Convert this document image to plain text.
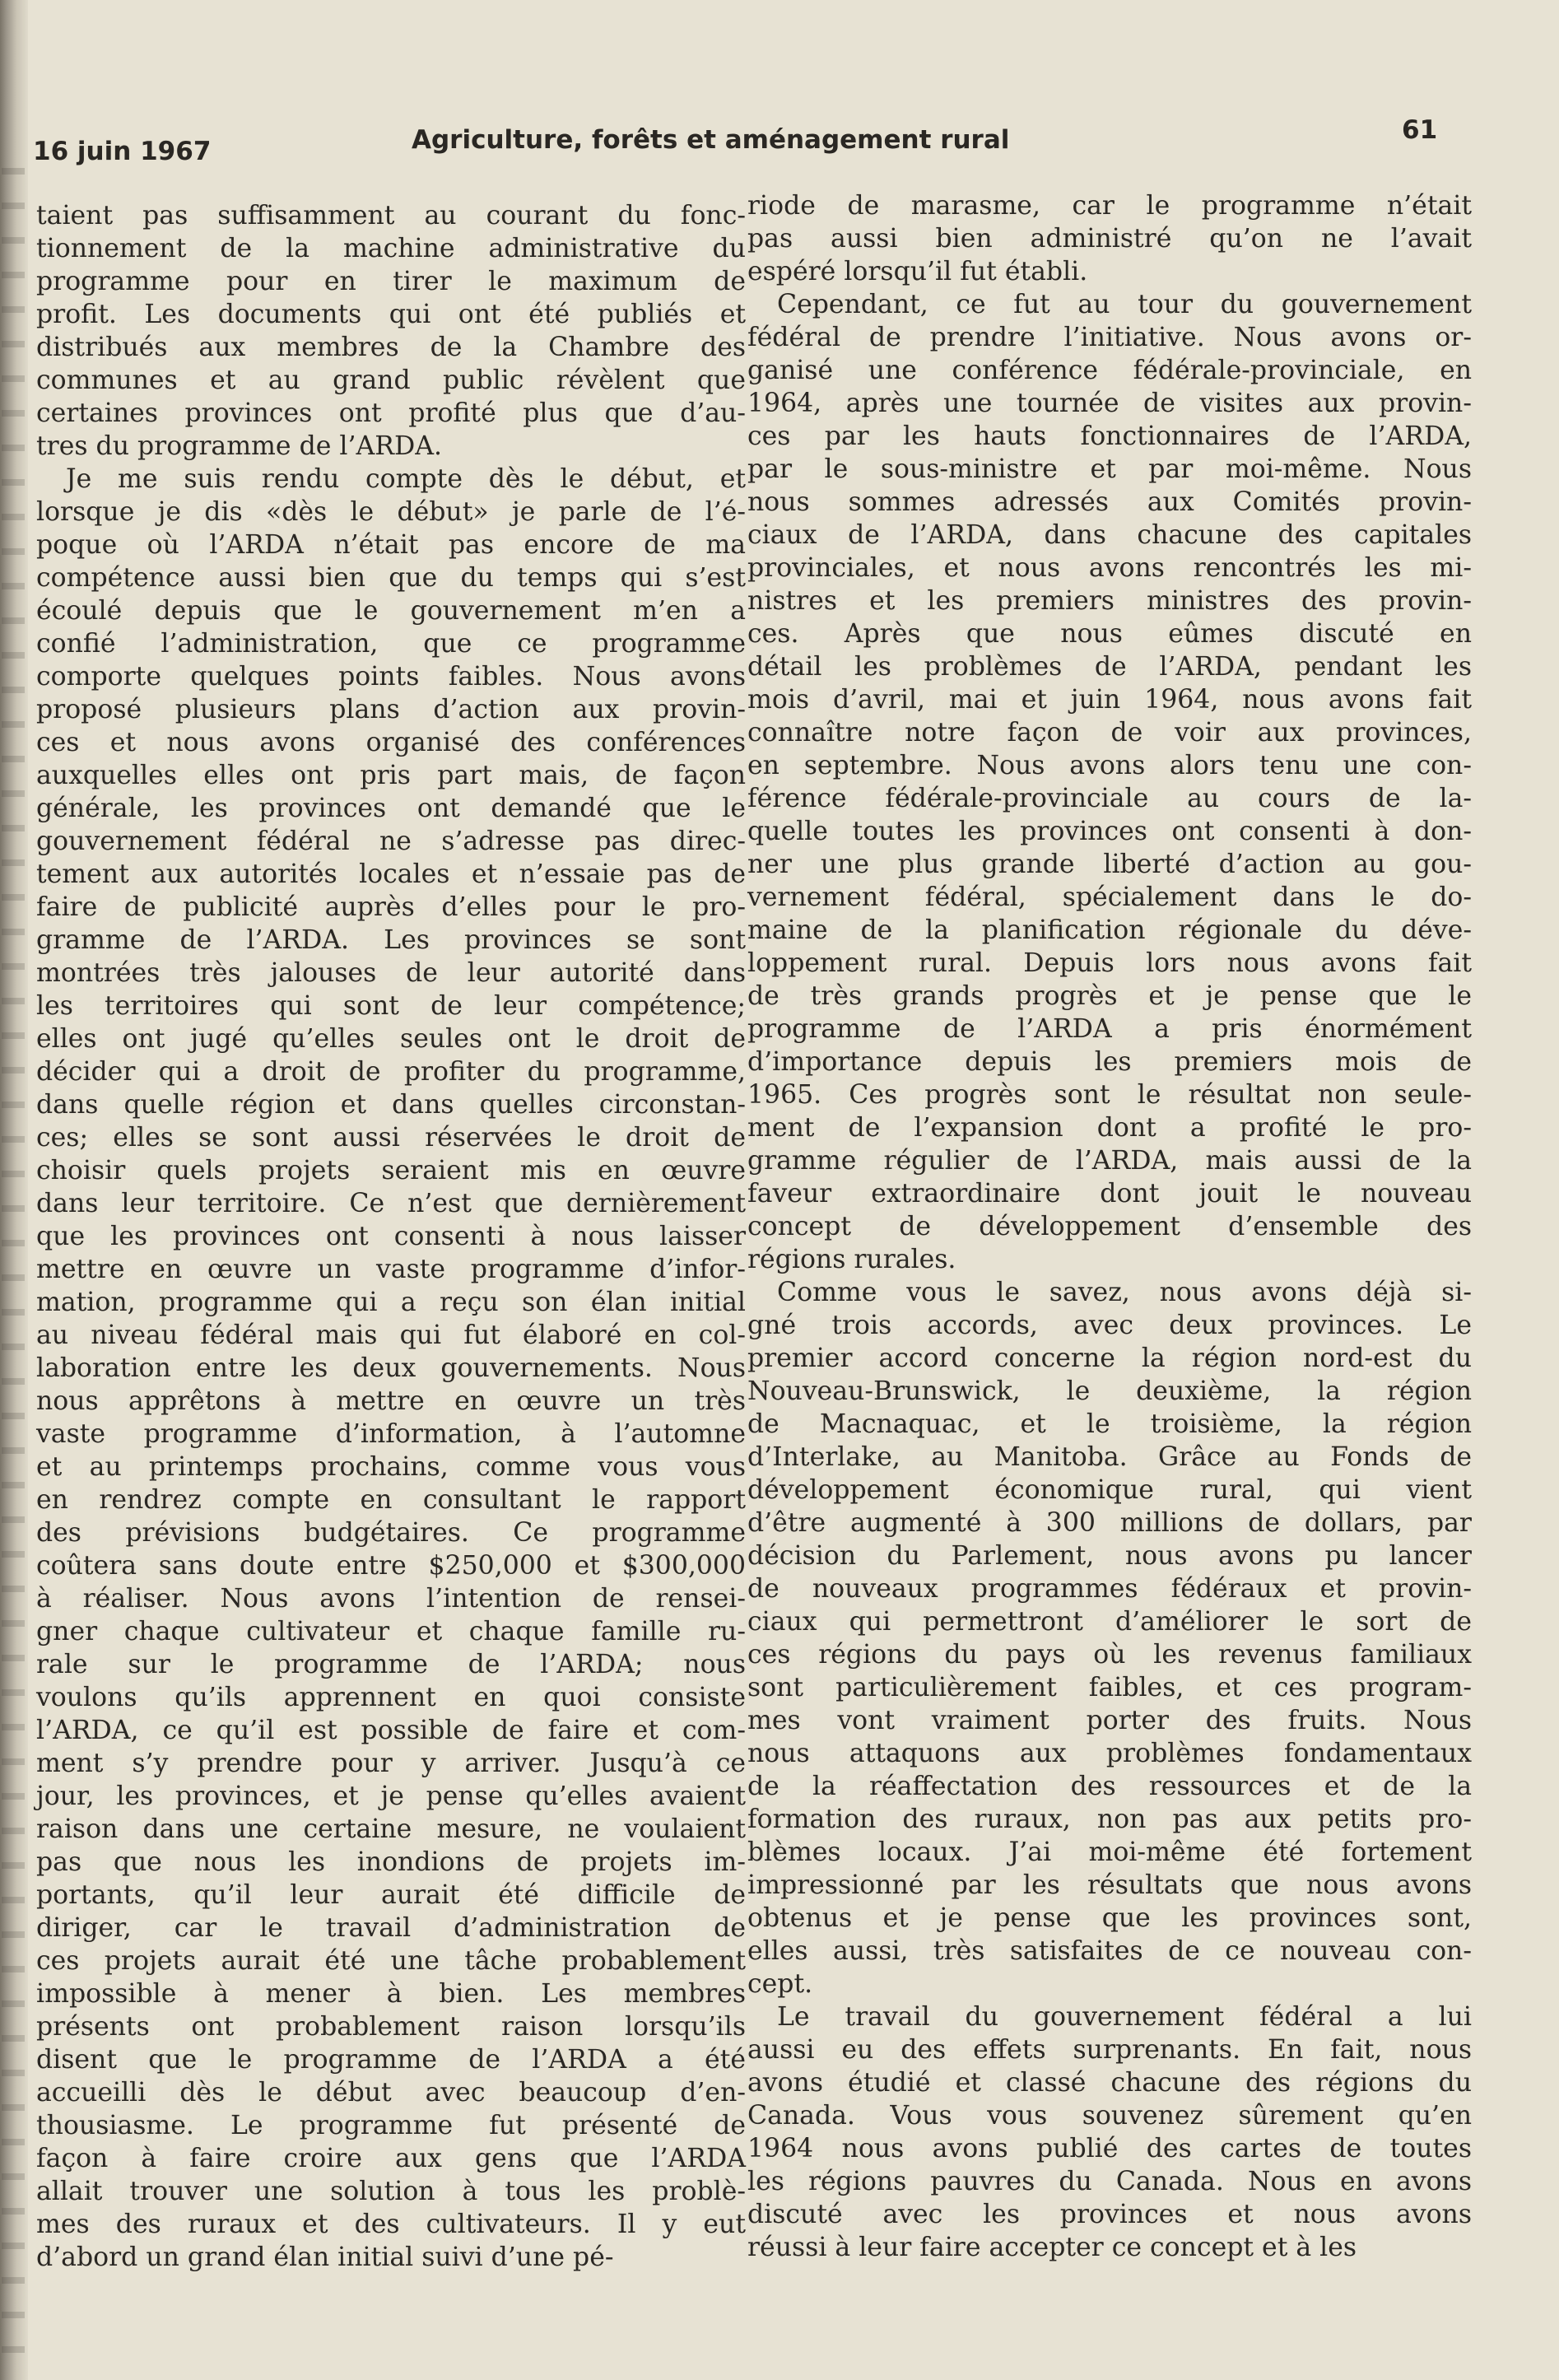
16 juin 1967	Agriculture, forêts et aménagement rural	61

taient pas suffisamment au courant du fonc-
tionnement de la machine administrative du
programme pour en tirer le maximum de
profit. Les documents qui ont été publiés et
distribués aux membres de la Chambre des
communes et au grand public révèlent que
certaines provinces ont profité plus que d’au-
tres du programme de l’ARDA.

Je me suis rendu compte dès le début, et
lorsque je dis «dès le début» je parle de l’é-
poque où l’ARDA n’était pas encore de ma
compétence aussi bien que du temps qui s’est
écoulé depuis que le gouvernement m’en a
confié l’administration, que ce programme
comporte quelques points faibles. Nous avons
proposé plusieurs plans d’action aux provin-
ces et nous avons organisé des conférences
auxquelles elles ont pris part mais, de façon
générale, les provinces ont demandé que le
gouvernement fédéral ne s’adresse pas direc-
tement aux autorités locales et n’essaie pas de
faire de publicité auprès d’elles pour le pro-
gramme de l’ARDA. Les provinces se sont
montrées très jalouses de leur autorité dans
les territoires qui sont de leur compétence;
elles ont jugé qu’elles seules ont le droit de
décider qui a droit de profiter du programme,
dans quelle région et dans quelles circonstan-
ces; elles se sont aussi réservées le droit de
choisir quels projets seraient mis en œuvre
dans leur territoire. Ce n’est que dernièrement
que les provinces ont consenti à nous laisser
mettre en œuvre un vaste programme d’infor-
mation, programme qui a reçu son élan initial
au niveau fédéral mais qui fut élaboré en col-
laboration entre les deux gouvernements. Nous
nous apprêtons à mettre en œuvre un très
vaste programme d’information, à l’automne
et au printemps prochains, comme vous vous
en rendrez compte en consultant le rapport
des prévisions budgétaires. Ce programme
coûtera sans doute entre $250,000 et $300,000
à réaliser. Nous avons l’intention de rensei-
gner chaque cultivateur et chaque famille ru-
rale sur le programme de l’ARDA; nous
voulons qu’ils apprennent en quoi consiste
l’ARDA, ce qu’il est possible de faire et com-
ment s’y prendre pour y arriver. Jusqu’à ce
jour, les provinces, et je pense qu’elles avaient
raison dans une certaine mesure, ne voulaient
pas que nous les inondions de projets im-
portants, qu’il leur aurait été difficile de
diriger, car le travail d’administration de
ces projets aurait été une tâche probablement
impossible à mener à bien. Les membres
présents ont probablement raison lorsqu’ils
disent que le programme de l’ARDA a été
accueilli dès le début avec beaucoup d’en-
thousiasme. Le programme fut présenté de
façon à faire croire aux gens que l’ARDA
allait trouver une solution à tous les problè-
mes des ruraux et des cultivateurs. Il y eut
d’abord un grand élan initial suivi d’une pé-

riode de marasme, car le programme n’était
pas aussi bien administré qu’on ne l’avait
espéré lorsqu’il fut établi.

Cependant, ce fut au tour du gouvernement
fédéral de prendre l’initiative. Nous avons or-
ganisé une conférence fédérale-provinciale, en
1964, après une tournée de visites aux provin-
ces par les hauts fonctionnaires de l’ARDA,
par le sous-ministre et par moi-même. Nous
nous sommes adressés aux Comités provin-
ciaux de l’ARDA, dans chacune des capitales
provinciales, et nous avons rencontrés les mi-
nistres et les premiers ministres des provin-
ces. Après que nous eûmes discuté en
détail les problèmes de l’ARDA, pendant les
mois d’avril, mai et juin 1964, nous avons fait
connaître notre façon de voir aux provinces,
en septembre. Nous avons alors tenu une con-
férence fédérale-provinciale au cours de la-
quelle toutes les provinces ont consenti à don-
ner une plus grande liberté d’action au gou-
vernement fédéral, spécialement dans le do-
maine de la planification régionale du déve-
loppement rural. Depuis lors nous avons fait
de très grands progrès et je pense que le
programme de l’ARDA a pris énormément
d’importance depuis les premiers mois de
1965. Ces progrès sont le résultat non seule-
ment de l’expansion dont a profité le pro-
gramme régulier de l’ARDA, mais aussi de la
faveur extraordinaire dont jouit le nouveau
concept de développement d’ensemble des
régions rurales.

Comme vous le savez, nous avons déjà si-
gné trois accords, avec deux provinces. Le
premier accord concerne la région nord-est du
Nouveau-Brunswick, le deuxième, la région
de Macnaquac, et le troisième, la région
d’Interlake, au Manitoba. Grâce au Fonds de
développement économique rural, qui vient
d’être augmenté à 300 millions de dollars, par
décision du Parlement, nous avons pu lancer
de nouveaux programmes fédéraux et provin-
ciaux qui permettront d’améliorer le sort de
ces régions du pays où les revenus familiaux
sont particulièrement faibles, et ces program-
mes vont vraiment porter des fruits. Nous
nous attaquons aux problèmes fondamentaux
de la réaffectation des ressources et de la
formation des ruraux, non pas aux petits pro-
blèmes locaux. J’ai moi-même été fortement
impressionné par les résultats que nous avons
obtenus et je pense que les provinces sont,
elles aussi, très satisfaites de ce nouveau con-
cept.

Le travail du gouvernement fédéral a lui
aussi eu des effets surprenants. En fait, nous
avons étudié et classé chacune des régions du
Canada. Vous vous souvenez sûrement qu’en
1964 nous avons publié des cartes de toutes
les régions pauvres du Canada. Nous en avons
discuté avec les provinces et nous avons
réussi à leur faire accepter ce concept et à les
